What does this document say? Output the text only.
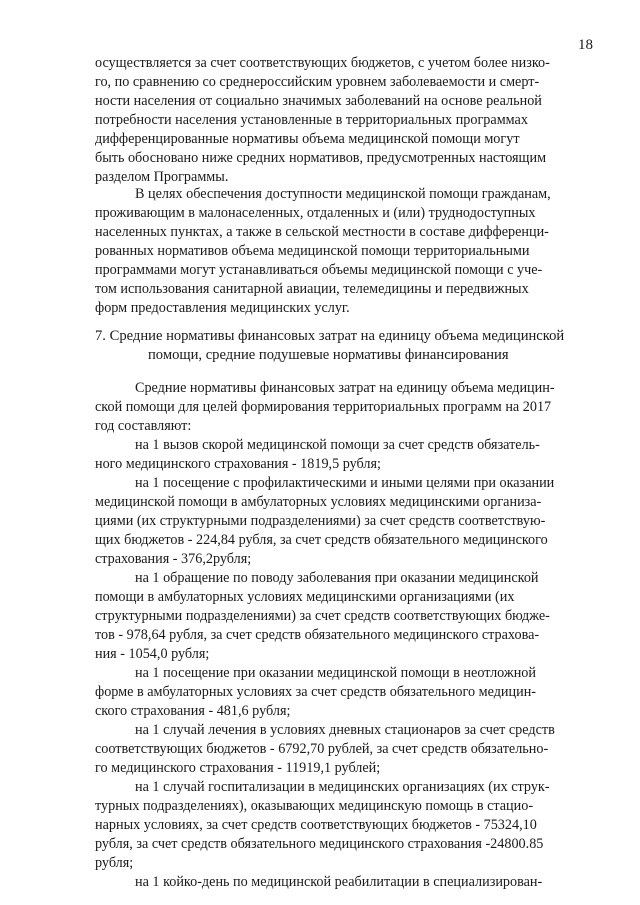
18
осуществляется за счет соответствующих бюджетов, с учетом более низко-
го, по сравнению со среднероссийским уровнем заболеваемости и смерт-
ности населения от социально значимых заболеваний на основе реальной
потребности населения установленные в территориальных программах
дифференцированные нормативы объема медицинской помощи могут
быть обосновано ниже средних нормативов, предусмотренных настоящим
разделом Программы.
В целях обеспечения доступности медицинской помощи гражданам,
проживающим в малонаселенных, отдаленных и (или) труднодоступных
населенных пунктах, а также в сельской местности в составе дифференци-
рованных нормативов объема медицинской помощи территориальными
программами могут устанавливаться объемы медицинской помощи с уче-
том использования санитарной авиации, телемедицины и передвижных
форм предоставления медицинских услуг.
7. Средние нормативы финансовых затрат на единицу объема медицинской
помощи, средние подушевые нормативы финансирования
Средние нормативы финансовых затрат на единицу объема медицин-
ской помощи для целей формирования территориальных программ на 2017
год составляют:
на 1 вызов скорой медицинской помощи за счет средств обязатель-
ного медицинского страхования - 1819,5 рубля;
на 1 посещение с профилактическими и иными целями при оказании
медицинской помощи в амбулаторных условиях медицинскими организа-
циями (их структурными подразделениями) за счет средств соответствую-
щих бюджетов - 224,84 рубля, за счет средств обязательного медицинского
страхования - 376,2рубля;
на 1 обращение по поводу заболевания при оказании медицинской
помощи в амбулаторных условиях медицинскими организациями (их
структурными подразделениями) за счет средств соответствующих бюдже-
тов - 978,64 рубля, за счет средств обязательного медицинского страхова-
ния - 1054,0 рубля;
на 1 посещение при оказании медицинской помощи в неотложной
форме в амбулаторных условиях за счет средств обязательного медицин-
ского страхования - 481,6 рубля;
на 1 случай лечения в условиях дневных стационаров за счет средств
соответствующих бюджетов - 6792,70 рублей, за счет средств обязательно-
го медицинского страхования - 11919,1 рублей;
на 1 случай госпитализации в медицинских организациях (их струк-
турных подразделениях), оказывающих медицинскую помощь в стацио-
нарных условиях, за счет средств соответствующих бюджетов - 75324,10
рубля, за счет средств обязательного медицинского страхования -24800.85
рубля;
на 1 койко-день по медицинской реабилитации в специализирован-
